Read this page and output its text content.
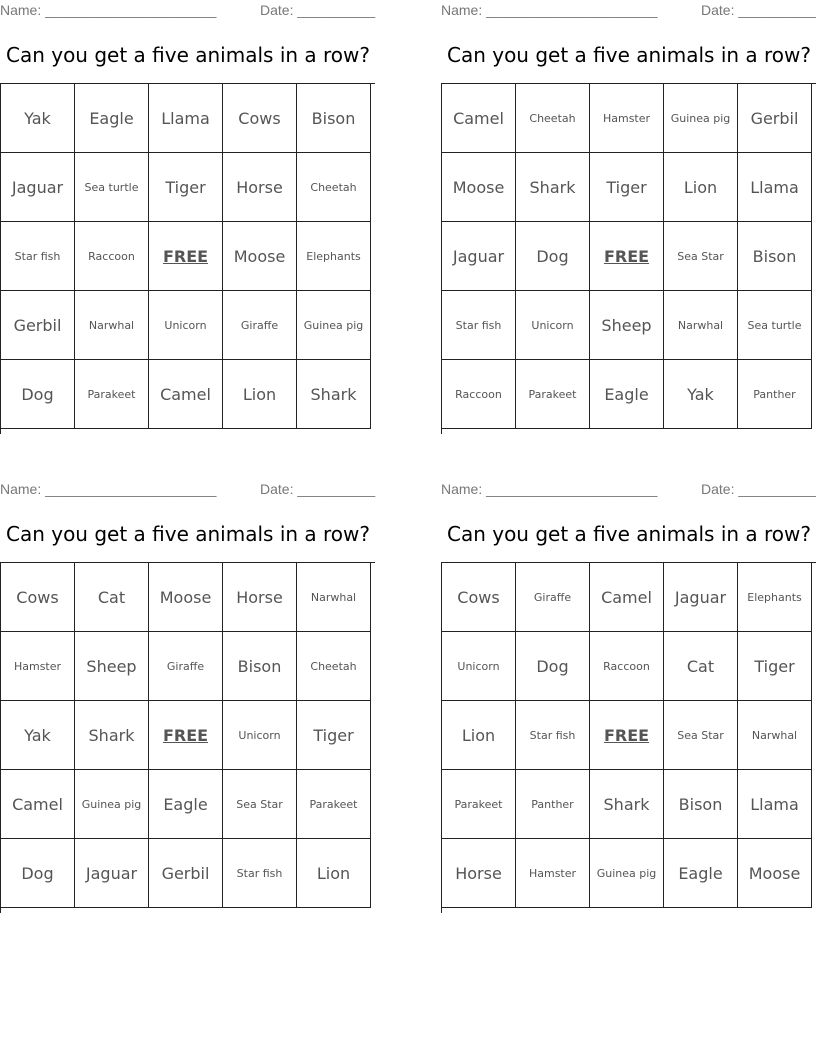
Name: ______________________	Date: __________
Can you get a five animals in a row?
Yak	Eagle	Llama	Cows	Bison
Jaguar	Sea turtle	Tiger	Horse	Cheetah
Star fish	Raccoon	FREE	Moose	Elephants
Gerbil	Narwhal	Unicorn	Giraffe	Guinea pig
Dog	Parakeet	Camel	Lion	Shark
Name: ______________________	Date: __________
Can you get a five animals in a row?
Camel	Cheetah	Hamster	Guinea pig	Gerbil
Moose	Shark	Tiger	Lion	Llama
Jaguar	Dog	FREE	Sea Star	Bison
Star fish	Unicorn	Sheep	Narwhal	Sea turtle
Raccoon	Parakeet	Eagle	Yak	Panther
Name: ______________________	Date: __________
Can you get a five animals in a row?
Cows	Cat	Moose	Horse	Narwhal
Hamster	Sheep	Giraffe	Bison	Cheetah
Yak	Shark	FREE	Unicorn	Tiger
Camel	Guinea pig	Eagle	Sea Star	Parakeet
Dog	Jaguar	Gerbil	Star fish	Lion
Name: ______________________	Date: __________
Can you get a five animals in a row?
Cows	Giraffe	Camel	Jaguar	Elephants
Unicorn	Dog	Raccoon	Cat	Tiger
Lion	Star fish	FREE	Sea Star	Narwhal
Parakeet	Panther	Shark	Bison	Llama
Horse	Hamster	Guinea pig	Eagle	Moose
